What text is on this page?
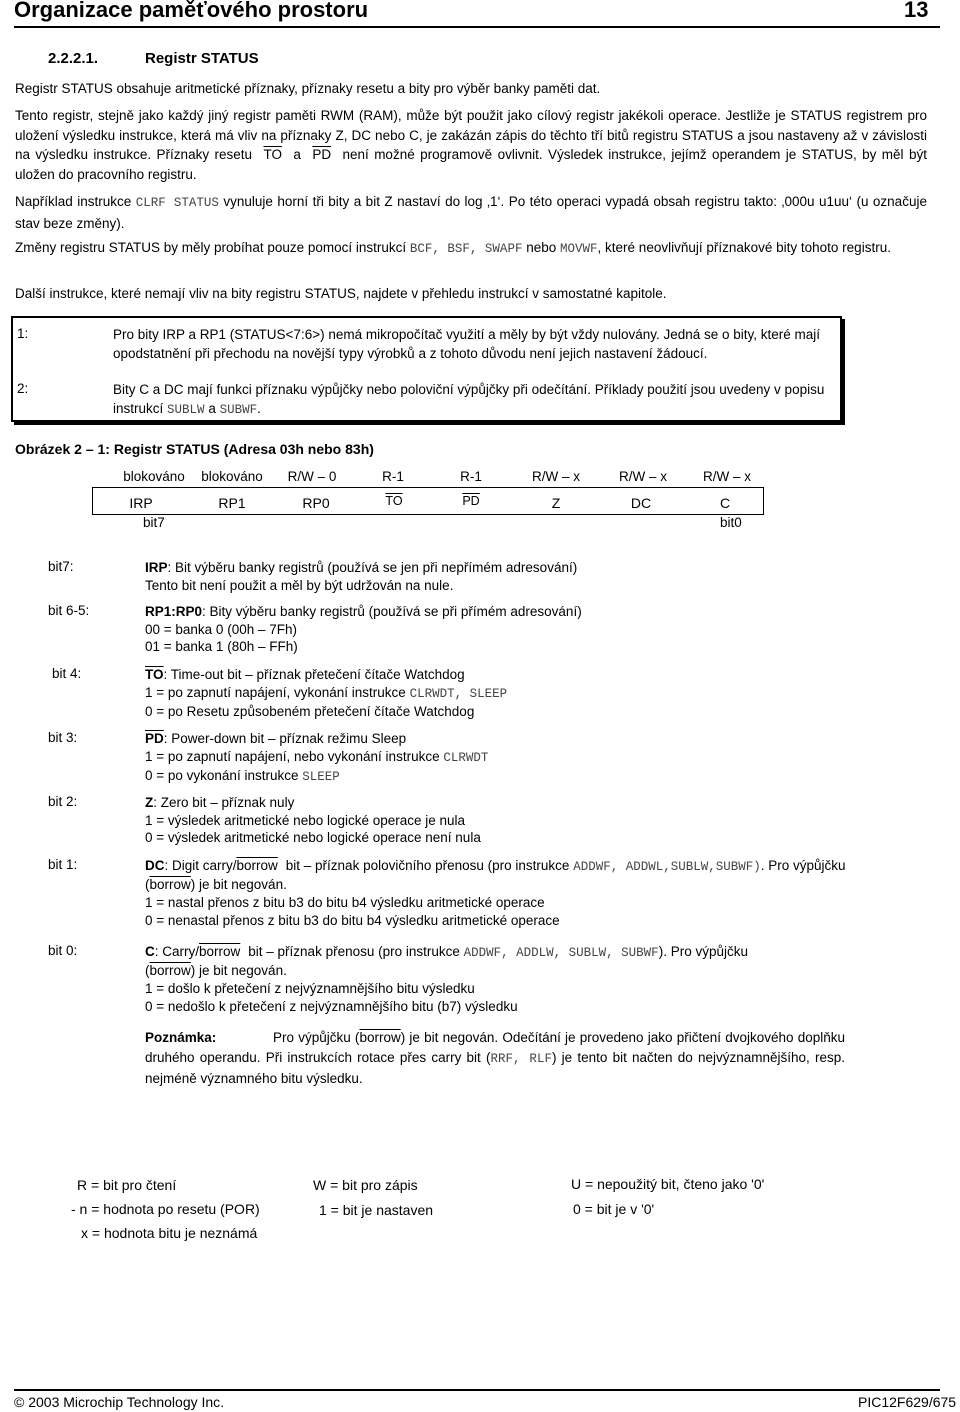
Organizace paměťového prostoru	13
2.2.2.1.	Registr STATUS
Registr STATUS obsahuje aritmetické příznaky, příznaky resetu a bity pro výběr banky paměti dat.
Tento registr, stejně jako každý jiný registr paměti RWM (RAM), může být použit jako cílový registr jakékoli operace. Jestliže je STATUS registrem pro uložení výsledku instrukce, která má vliv na příznaky Z, DC nebo C, je zakázán zápis do těchto tří bitů registru STATUS a jsou nastaveny až v závislosti na výsledku instrukce. Příznaky resetu $\overline{TO}$ a $\overline{PD}$ není možné programově ovlivnit. Výsledek instrukce, jejímž operandem je STATUS, by měl být uložen do pracovního registru.
Například instrukce CLRF STATUS vynuluje horní tři bity a bit Z nastaví do log ‚1‘. Po této operaci vypadá obsah registru takto: ‚000u u1uu‘ (u označuje stav beze změny).
Změny registru STATUS by měly probíhat pouze pomocí instrukcí BCF, BSF, SWAPF nebo MOVWF, které neovlivňují příznakové bity tohoto registru.
Další instrukce, které nemají vliv na bity registru STATUS, najdete v přehledu instrukcí v samostatné kapitole.
1:	Pro bity IRP a RP1 (STATUS<7:6>) nemá mikropočítač využití a měly by být vždy nulovány. Jedná se o bity, které mají opodstatnění při přechodu na novější typy výrobků a z tohoto důvodu není jejich nastavení žádoucí.
2:	Bity C a DC mají funkci příznaku výpůjčky nebo poloviční výpůjčky při odečítání. Příklady použití jsou uvedeny v popisu instrukcí SUBLW a SUBWF.
Obrázek 2 – 1: Registr STATUS (Adresa 03h nebo 83h)
blokováno	blokováno	R/W – 0	R-1	R-1	R/W – x	R/W – x	R/W – x
IRP	RP1	RP0	$\overline{TO}$	$\overline{PD}$	Z	DC	C
bit7	bit0
bit7:	IRP: Bit výběru banky registrů (používá se jen při nepřímém adresování)
Tento bit není použit a měl by být udržován na nule.
bit 6-5:	RP1:RP0: Bity výběru banky registrů (používá se při přímém adresování)
00 = banka 0 (00h – 7Fh)
01 = banka 1 (80h – FFh)
bit 4:	$\overline{TO}$: Time-out bit – příznak přetečení čítače Watchdog
1 = po zapnutí napájení, vykonání instrukce CLRWDT, SLEEP
0 = po Resetu způsobeném přetečení čítače Watchdog
bit 3:	$\overline{PD}$: Power-down bit – příznak režimu Sleep
1 = po zapnutí napájení, nebo vykonání instrukce CLRWDT
0 = po vykonání instrukce SLEEP
bit 2:	Z: Zero bit – příznak nuly
1 = výsledek aritmetické nebo logické operace je nula
0 = výsledek aritmetické nebo logické operace není nula
bit 1:	DC: Digit carry/borrow bit – příznak polovičního přenosu (pro instrukce ADDWF, ADDWL,SUBLW,SUBWF). Pro výpůjčku
(borrow) je bit negován.
1 = nastal přenos z bitu b3 do bitu b4 výsledku aritmetické operace
0 = nenastal přenos z bitu b3 do bitu b4 výsledku aritmetické operace
bit 0:	C: Carry/borrow bit – příznak přenosu (pro instrukce ADDWF, ADDLW, SUBLW, SUBWF). Pro výpůjčku
(borrow) je bit negován.
1 = došlo k přetečení z nejvýznamnějšího bitu výsledku
0 = nedošlo k přetečení z nejvýznamnějšího bitu (b7) výsledku
Poznámka:	Pro výpůjčku (borrow) je bit negován. Odečítání je provedeno jako přičtení dvojkového doplňku druhého operandu. Při instrukcích rotace přes carry bit (RRF, RLF) je tento bit načten do nejvýznamnějšího, resp. nejméně významného bitu výsledku.
R = bit pro čtení	W = bit pro zápis	U = nepoužitý bit, čteno jako '0'
- n = hodnota po resetu (POR)	1 = bit je nastaven	0 = bit je v '0'
x = hodnota bitu je neznámá
© 2003 Microchip Technology Inc.	PIC12F629/675
